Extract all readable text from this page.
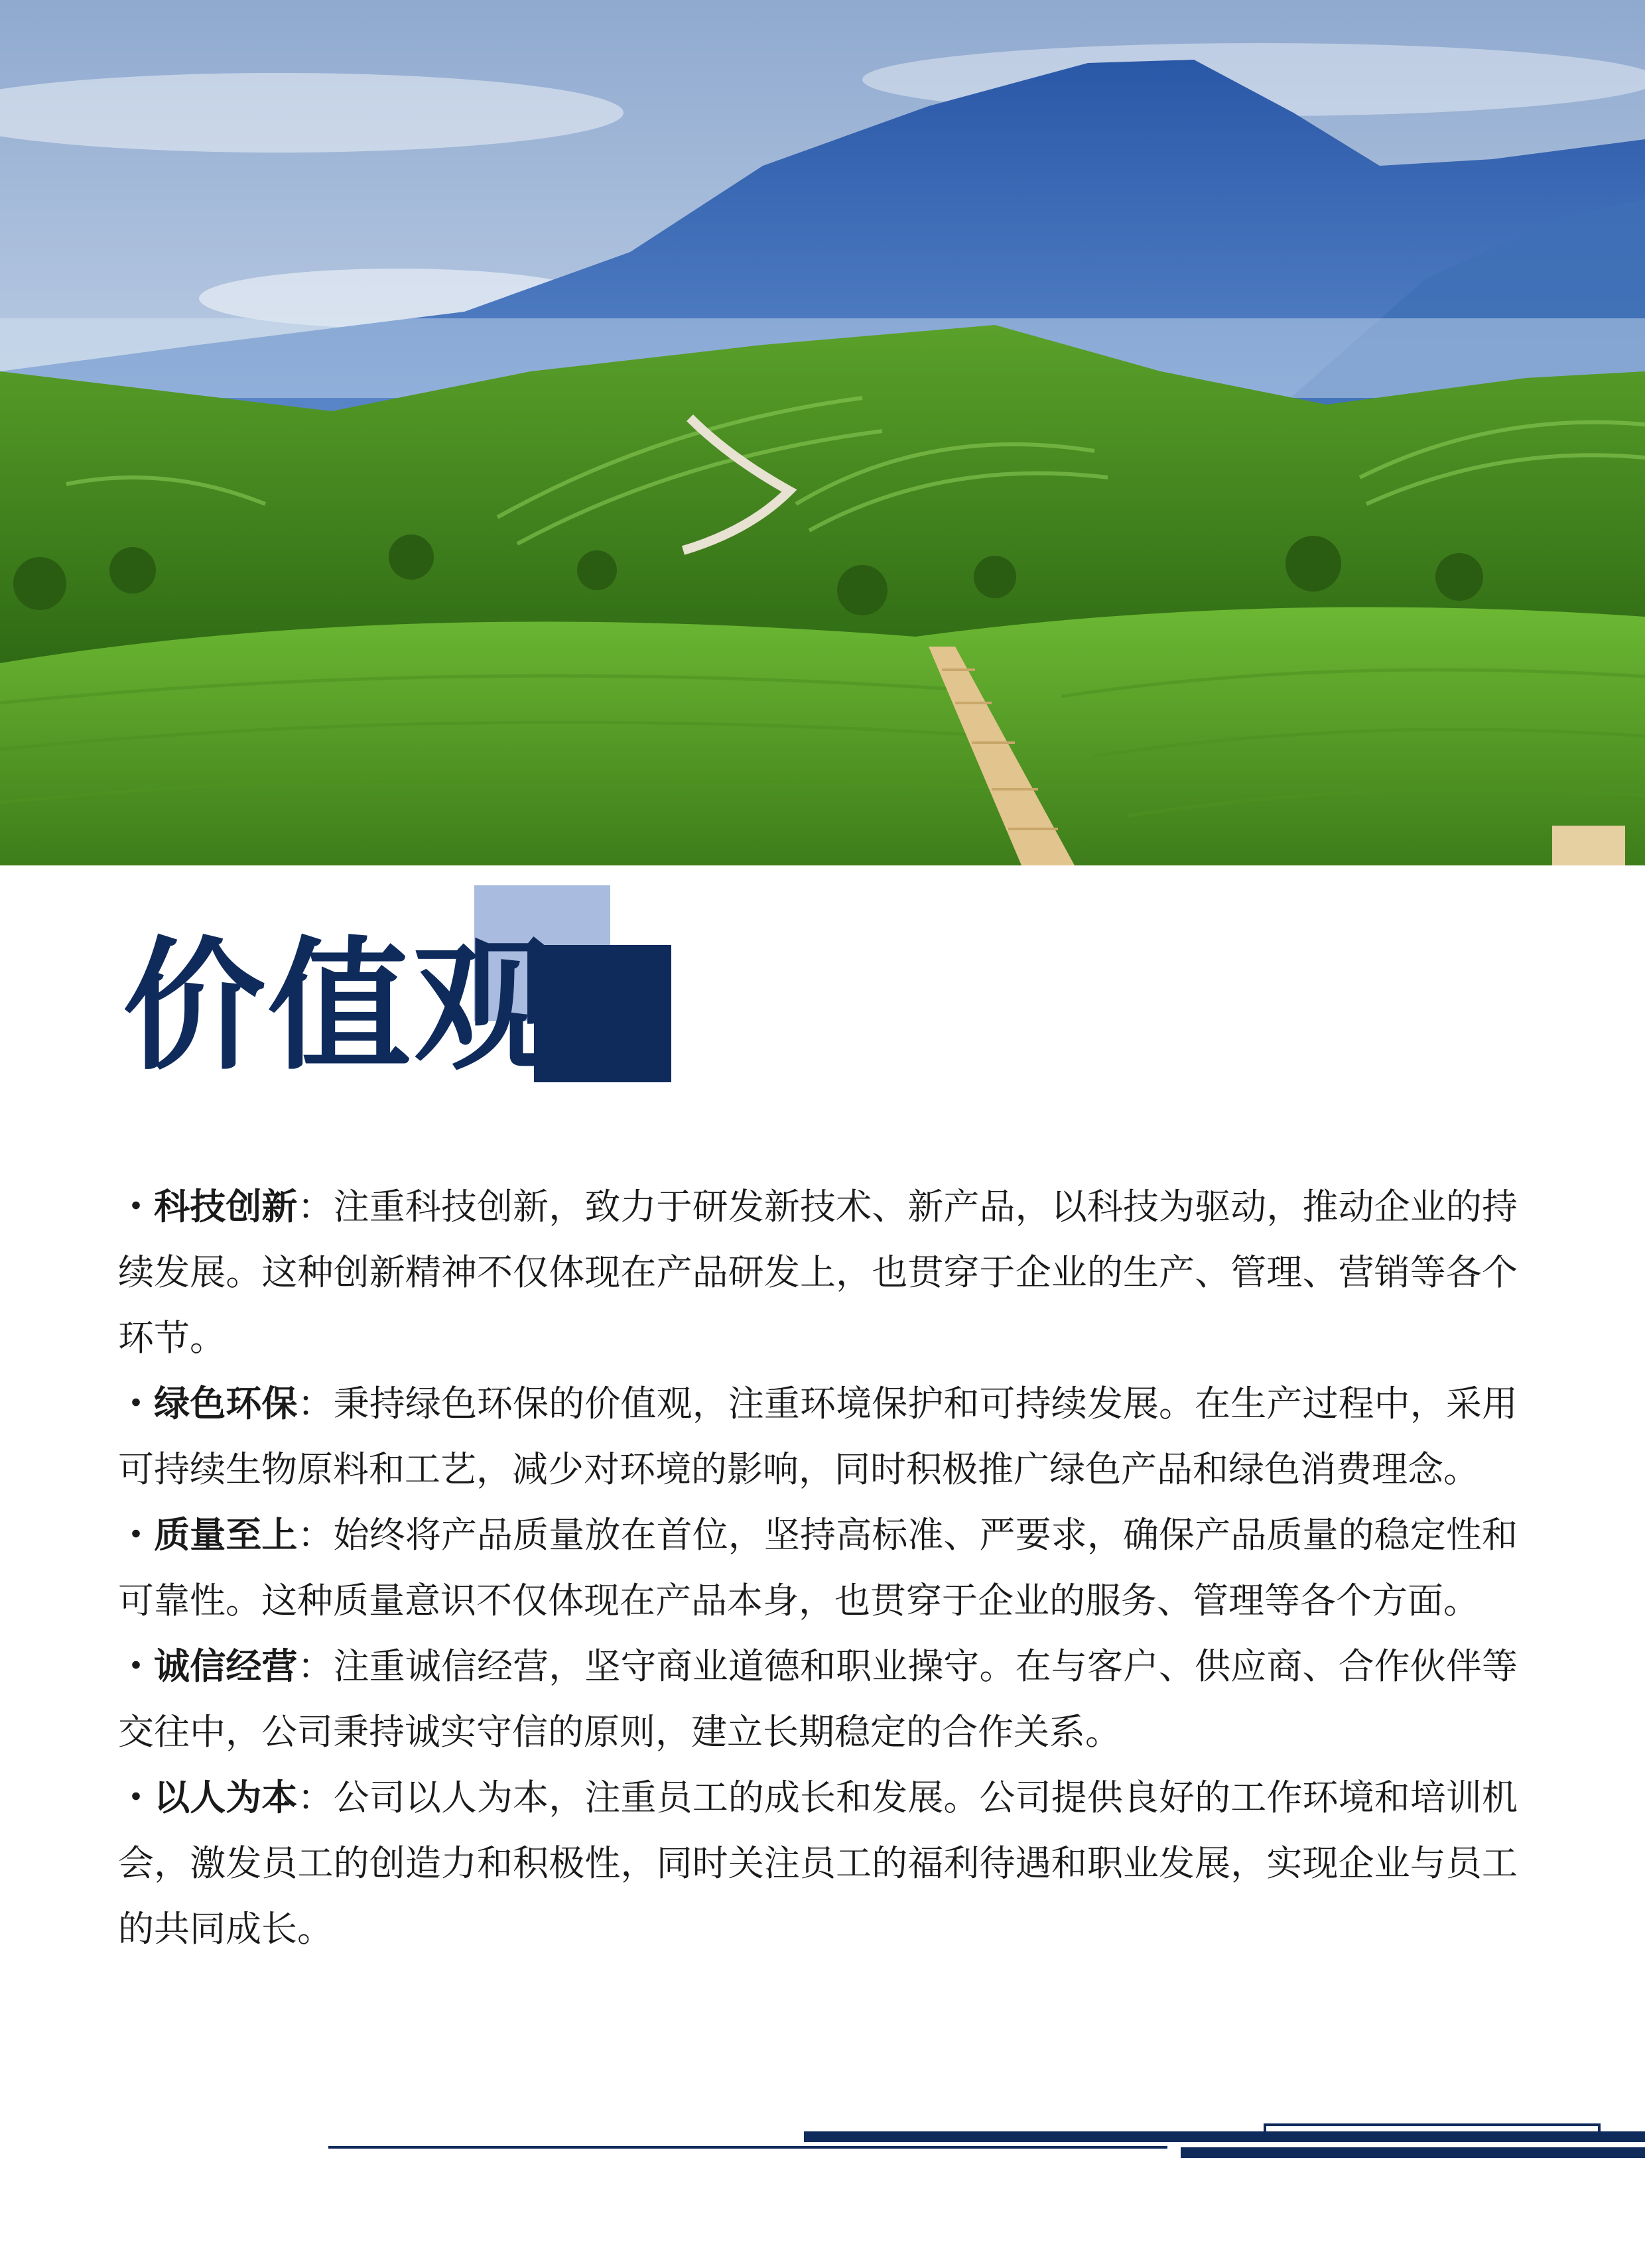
价值观
・科技创新：注重科技创新，致力于研发新技术、新产品，以科技为驱动，推动企业的持续发展。这种创新精神不仅体现在产品研发上，也贯穿于企业的生产、管理、营销等各个环节。
・绿色环保：秉持绿色环保的价值观，注重环境保护和可持续发展。在生产过程中，采用可持续生物原料和工艺，减少对环境的影响，同时积极推广绿色产品和绿色消费理念。
・质量至上：始终将产品质量放在首位，坚持高标准、严要求，确保产品质量的稳定性和可靠性。这种质量意识不仅体现在产品本身，也贯穿于企业的服务、管理等各个方面。
・诚信经营：注重诚信经营，坚守商业道德和职业操守。在与客户、供应商、合作伙伴等交往中，公司秉持诚实守信的原则，建立长期稳定的合作关系。
・以人为本：公司以人为本，注重员工的成长和发展。公司提供良好的工作环境和培训机会，激发员工的创造力和积极性，同时关注员工的福利待遇和职业发展，实现企业与员工的共同成长。
